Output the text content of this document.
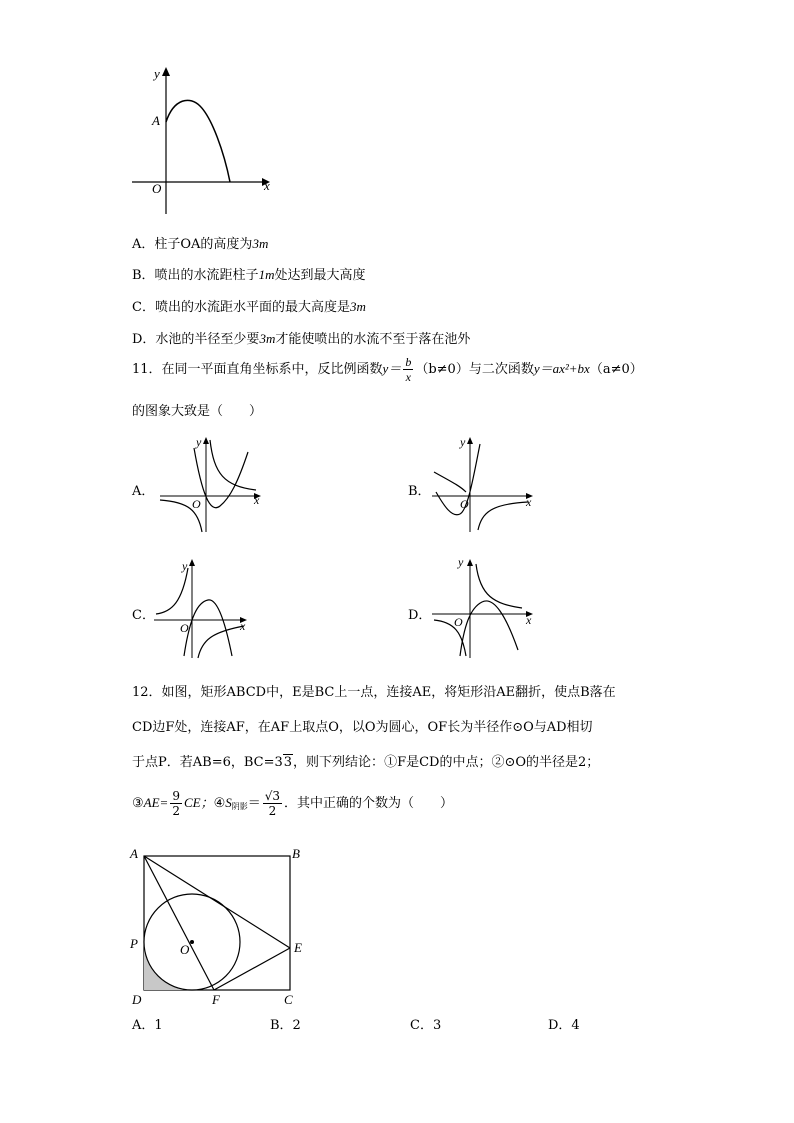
x
y
O
A
A．柱子OA的高度为3m
B．喷出的水流距柱子1m处达到最大高度
C．喷出的水流距水平面的最大高度是3m
D．水池的半径至少要3m才能使喷出的水流不至于落在池外
11．在同一平面直角坐标系中，反比例函数$y= \frac{b}{x} (b\ne 0)$与二次函数y＝ax²+bx（a≠0）
的图象大致是（　　）
A．
x
y
O
B．
x
y
O
C．
x
y
O
D．	x
y
O
12．如图，矩形ABCD中，E是BC上一点，连接AE，将矩形沿AE翻折，使点B落在
CD边F处，连接AF，在AF上取点O，以O为圆心，OF长为半径作⊙O与AD相切
于点P．若AB=6，BC=33，则下列结论：①F是CD的中点；②⊙O的半径是2；
③AE= $\frac{9}{2}$ CE；$④S_{阴影}= \frac{√3}{2}$ ．其中正确的个数为（　　）
A	B
C
D
E
F
O
P
A．1	B．2	C．3	D．4
